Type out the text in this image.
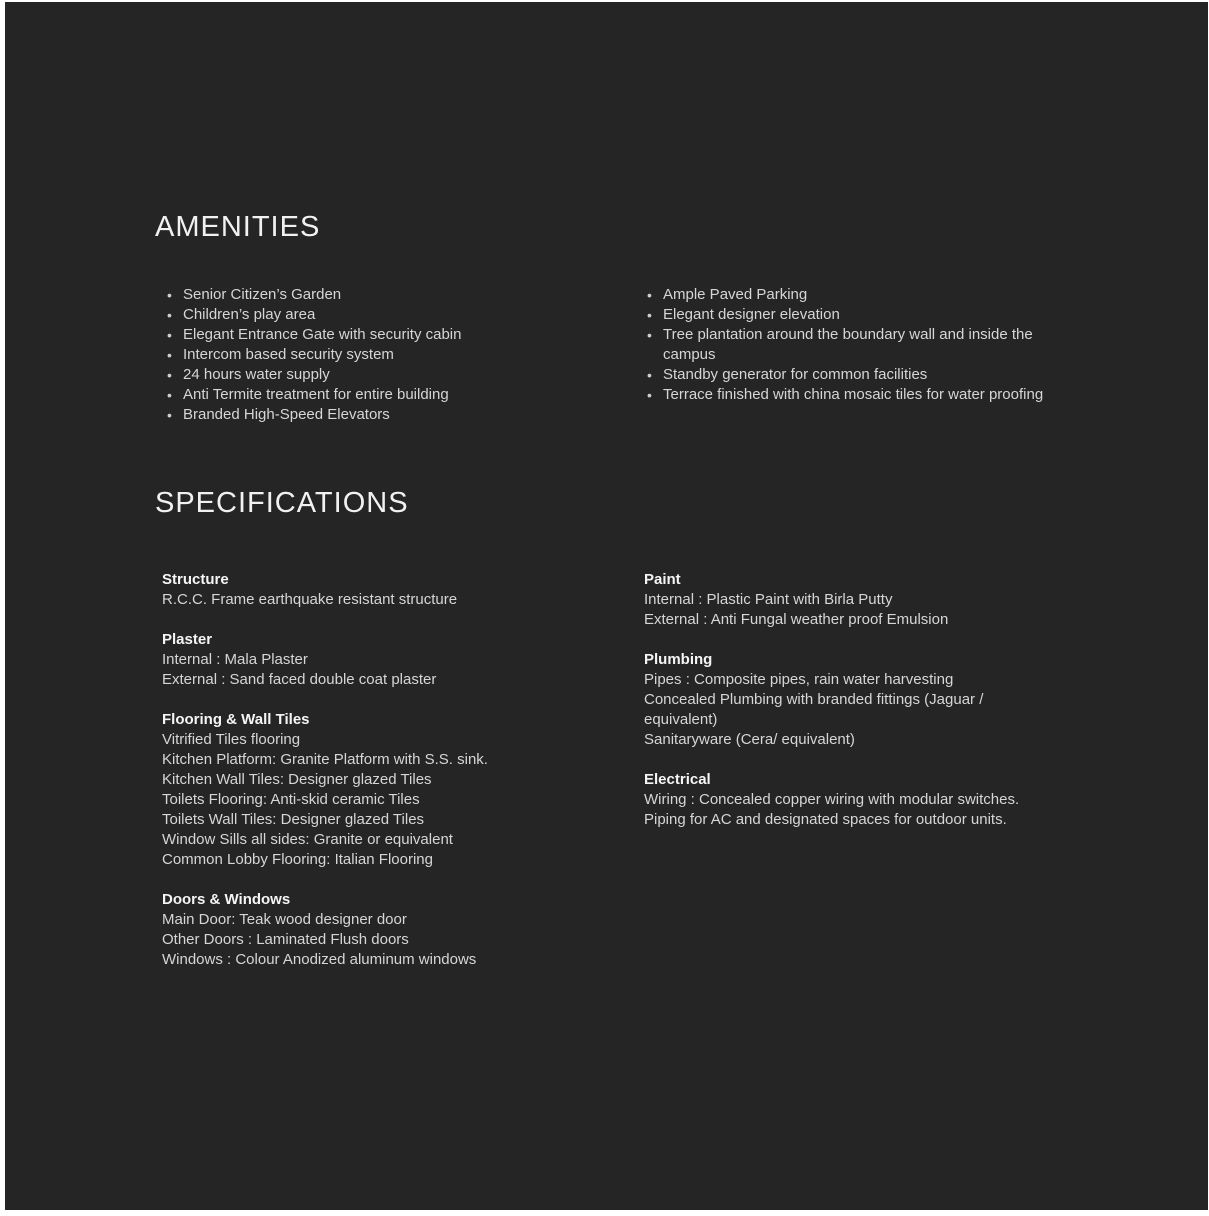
AMENITIES
• Senior Citizen’s Garden
• Children’s play area
• Elegant Entrance Gate with security cabin
• Intercom based security system
• 24 hours water supply
• Anti Termite treatment for entire building
• Branded High-Speed Elevators
• Ample Paved Parking
• Elegant designer elevation
• Tree plantation around the boundary wall and inside the campus
• Standby generator for common facilities
• Terrace finished with china mosaic tiles for water proofing
SPECIFICATIONS
Structure
R.C.C. Frame earthquake resistant structure
Plaster
Internal : Mala Plaster
External : Sand faced double coat plaster
Flooring & Wall Tiles
Vitrified Tiles flooring
Kitchen Platform: Granite Platform with S.S. sink.
Kitchen Wall Tiles: Designer glazed Tiles
Toilets Flooring: Anti-skid ceramic Tiles
Toilets Wall Tiles: Designer glazed Tiles
Window Sills all sides: Granite or equivalent
Common Lobby Flooring: Italian Flooring
Doors & Windows
Main Door: Teak wood designer door
Other Doors : Laminated Flush doors
Windows : Colour Anodized aluminum windows
Paint
Internal : Plastic Paint with Birla Putty
External : Anti Fungal weather proof Emulsion
Plumbing
Pipes : Composite pipes, rain water harvesting
Concealed Plumbing with branded fittings (Jaguar / equivalent)
Sanitaryware (Cera/ equivalent)
Electrical
Wiring : Concealed copper wiring with modular switches.
Piping for AC and designated spaces for outdoor units.
